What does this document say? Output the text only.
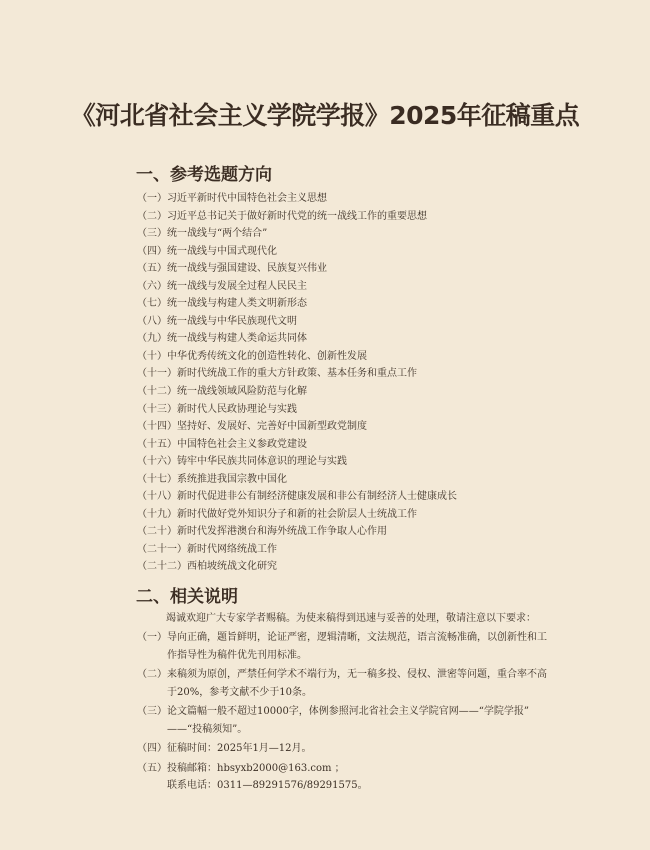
《河北省社会主义学院学报》2025年征稿重点
一、参考选题方向
（一）习近平新时代中国特色社会主义思想
（二）习近平总书记关于做好新时代党的统一战线工作的重要思想
（三）统一战线与“两个结合”
（四）统一战线与中国式现代化
（五）统一战线与强国建设、民族复兴伟业
（六）统一战线与发展全过程人民民主
（七）统一战线与构建人类文明新形态
（八）统一战线与中华民族现代文明
（九）统一战线与构建人类命运共同体
（十）中华优秀传统文化的创造性转化、创新性发展
（十一）新时代统战工作的重大方针政策、基本任务和重点工作
（十二）统一战线领域风险防范与化解
（十三）新时代人民政协理论与实践
（十四）坚持好、发展好、完善好中国新型政党制度
（十五）中国特色社会主义参政党建设
（十六）铸牢中华民族共同体意识的理论与实践
（十七）系统推进我国宗教中国化
（十八）新时代促进非公有制经济健康发展和非公有制经济人士健康成长
（十九）新时代做好党外知识分子和新的社会阶层人士统战工作
（二十）新时代发挥港澳台和海外统战工作争取人心作用
（二十一）新时代网络统战工作
（二十二）西柏坡统战文化研究
二、相关说明
竭诚欢迎广大专家学者赐稿。为使来稿得到迅速与妥善的处理，敬请注意以下要求：
（一） 导向正确，题旨鲜明，论证严密，逻辑清晰，文法规范，语言流畅准确，以创新性和工
作指导性为稿件优先刊用标准。
（二） 来稿须为原创，严禁任何学术不端行为，无一稿多投、侵权、泄密等问题，重合率不高
于20%，参考文献不少于10条。
（三） 论文篇幅一般不超过10000字，体例参照河北省社会主义学院官网——“学院学报”
——“投稿须知”。
（四） 征稿时间：2025年1月—12月。
（五） 投稿邮箱：hbsyxb2000@163.com ；
联系电话：0311—89291576/89291575。
